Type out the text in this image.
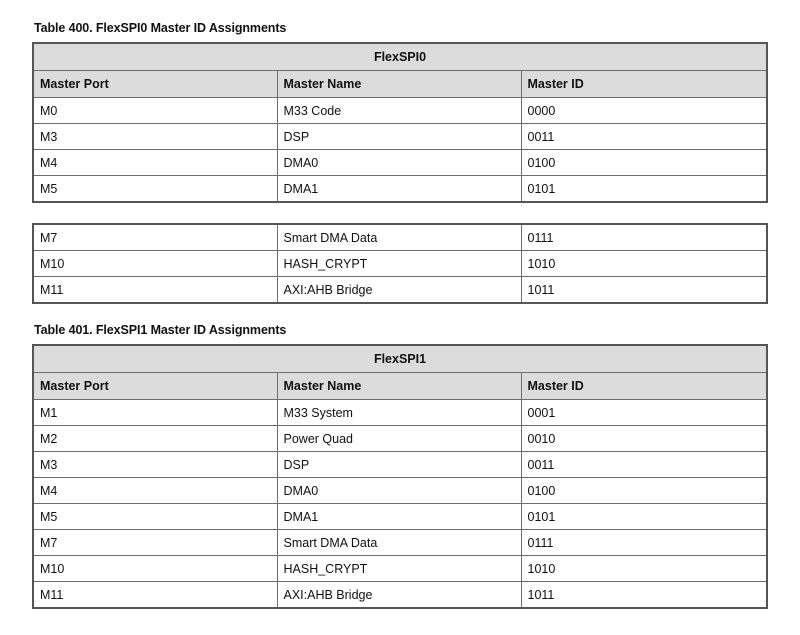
Table 400. FlexSPI0 Master ID Assignments
FlexSPI0		
Master Port	Master Name	Master ID
M0	M33 Code	0000
M3	DSP	0011
M4	DMA0	0100
M5	DMA1	0101
M7	Smart DMA Data	0111
M10	HASH_CRYPT	1010
M11	AXI:AHB Bridge	1011
Table 401. FlexSPI1 Master ID Assignments
FlexSPI1		
Master Port	Master Name	Master ID
M1	M33 System	0001
M2	Power Quad	0010
M3	DSP	0011
M4	DMA0	0100
M5	DMA1	0101
M7	Smart DMA Data	0111
M10	HASH_CRYPT	1010
M11	AXI:AHB Bridge	1011
